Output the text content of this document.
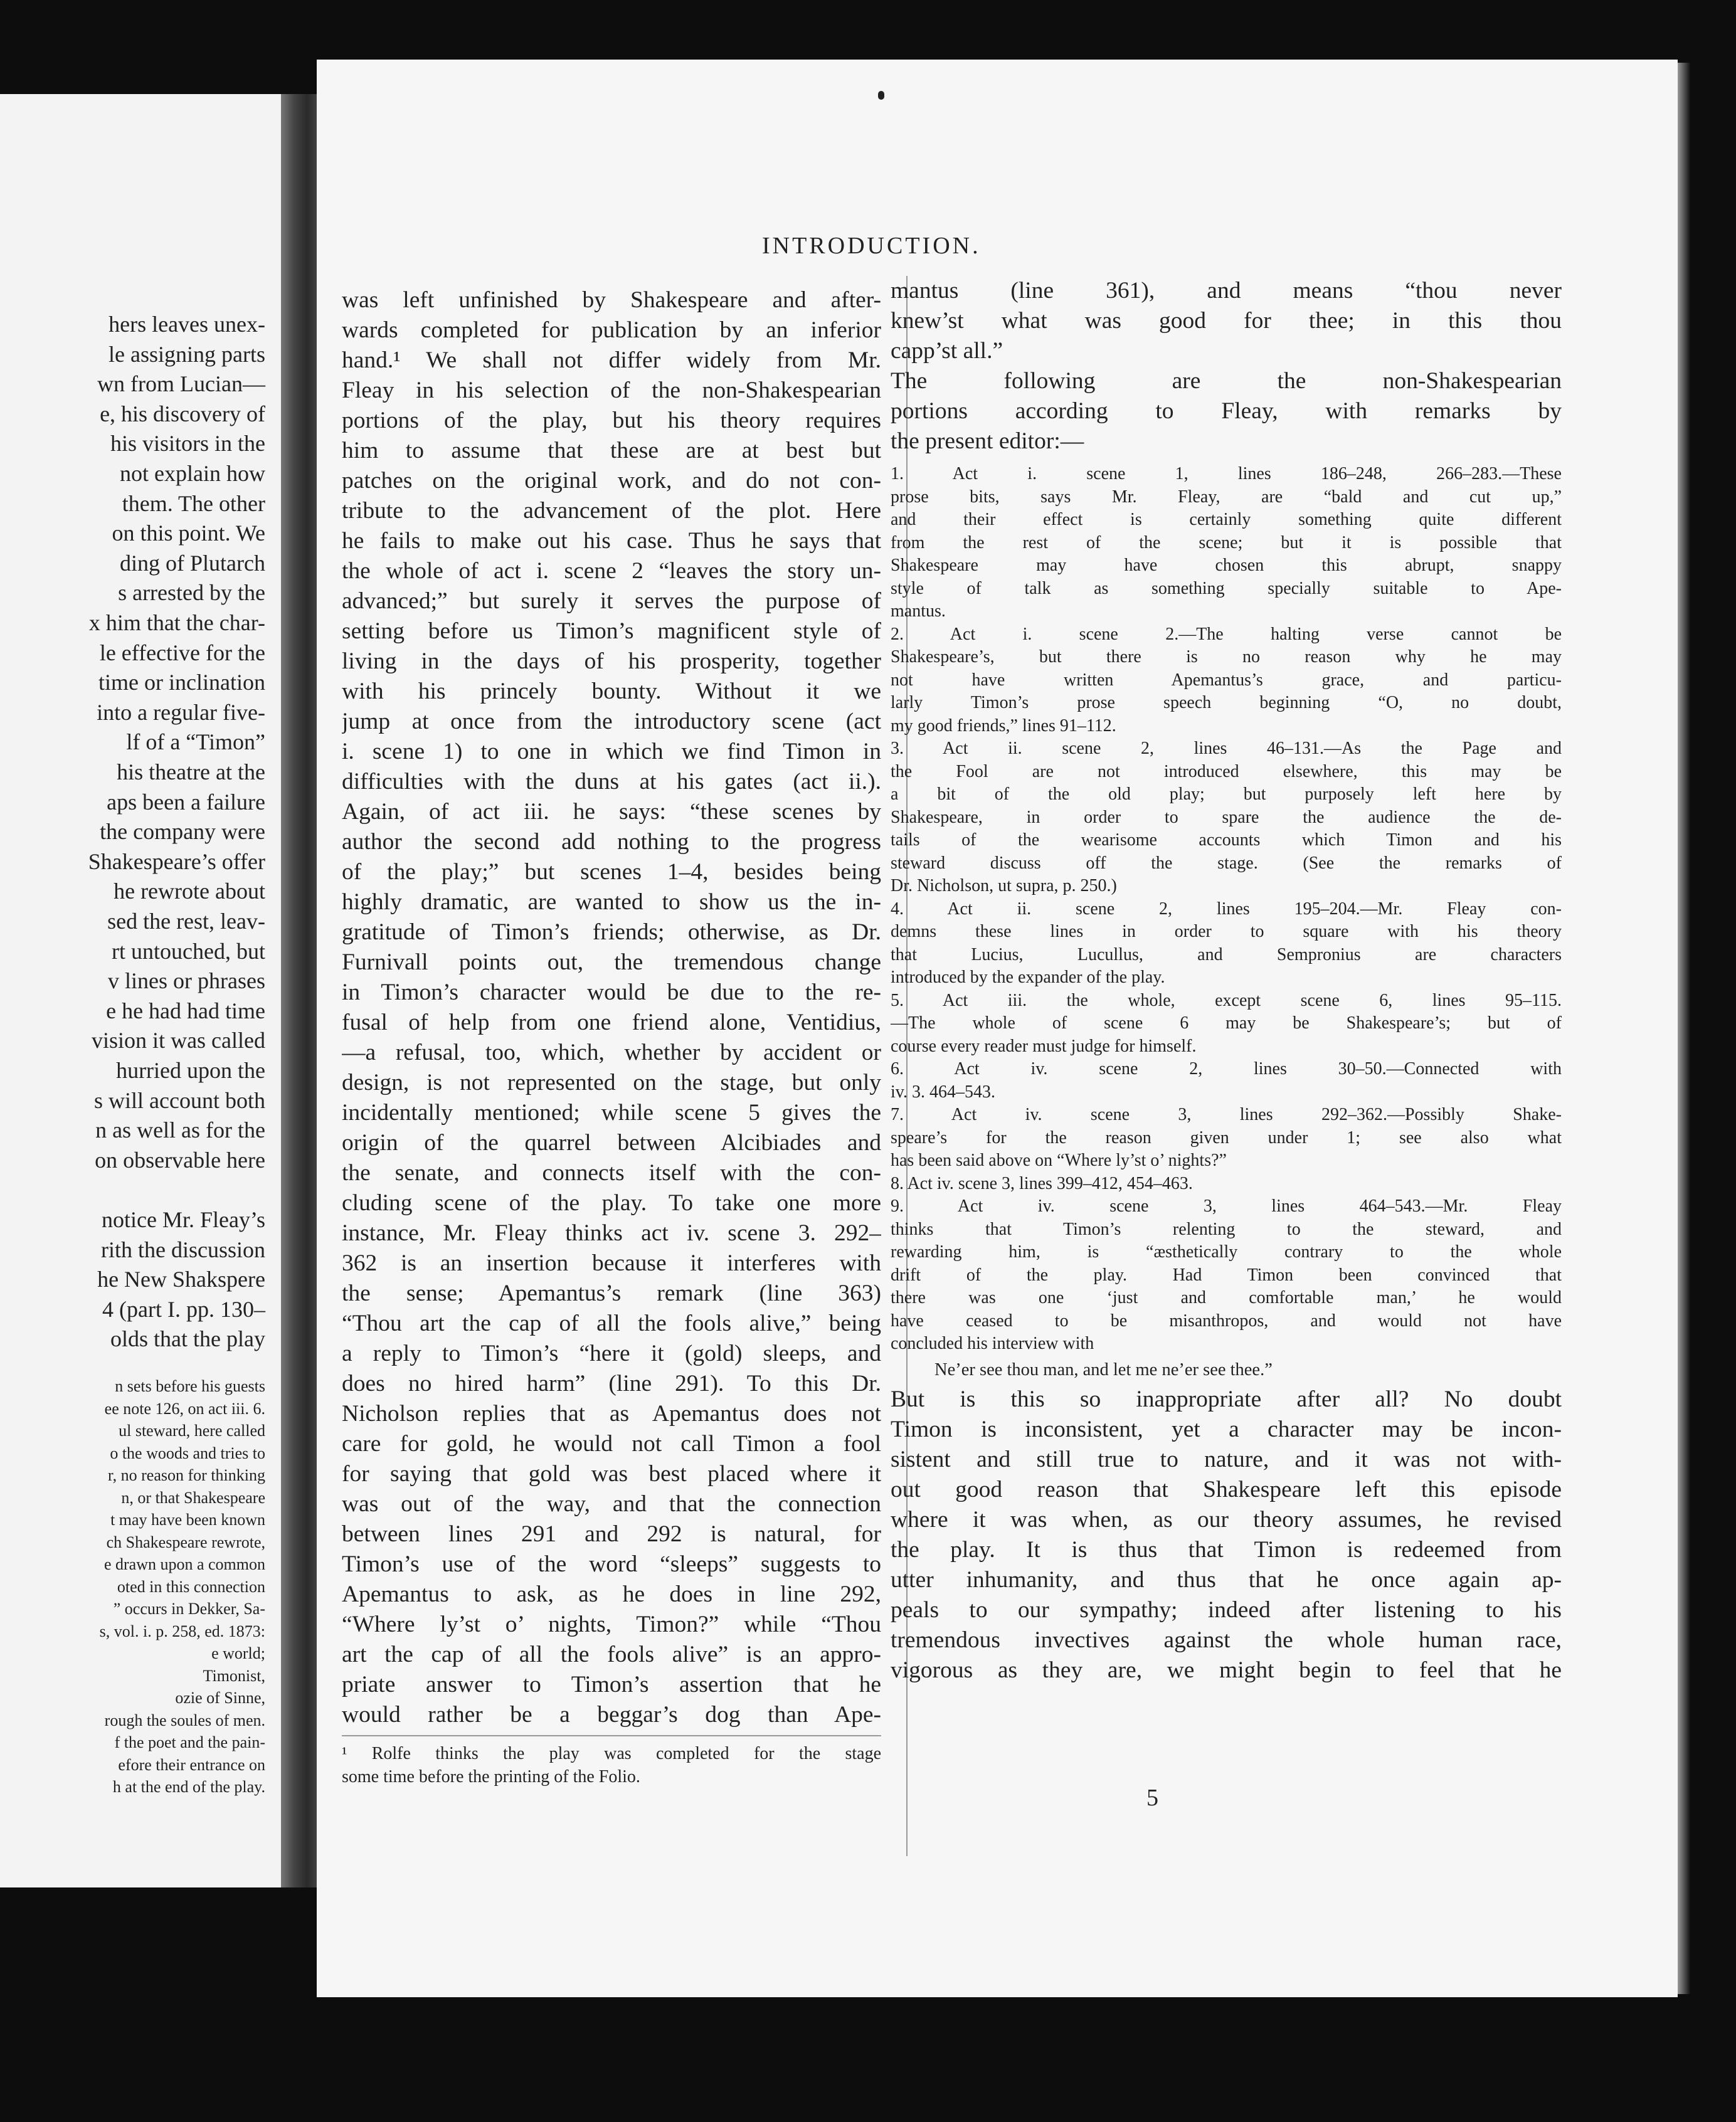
hers leaves unex-
le assigning parts
wn from Lucian—
e, his discovery of
his visitors in the
not explain how
them. The other
on this point. We
ding of Plutarch
s arrested by the
x him that the char-
le effective for the
time or inclination
into a regular five-
lf of a “Timon”
his theatre at the
aps been a failure
the company were
Shakespeare’s offer
he rewrote about
sed the rest, leav-
rt untouched, but
v lines or phrases
e he had had time
vision it was called
hurried upon the
s will account both
n as well as for the
on observable here
notice Mr. Fleay’s
rith the discussion
he New Shakspere
4 (part I. pp. 130–
olds that the play
n sets before his guests
ee note 126, on act iii. 6.
ul steward, here called
o the woods and tries to
r, no reason for thinking
n, or that Shakespeare
t may have been known
ch Shakespeare rewrote,
e drawn upon a common
oted in this connection
” occurs in Dekker, Sa-
s, vol. i. p. 258, ed. 1873:
e world;
Timonist,
ozie of Sinne,
rough the soules of men.
f the poet and the pain-
efore their entrance on
h at the end of the play.
INTRODUCTION.
was left unfinished by Shakespeare and after-
wards completed for publication by an inferior
hand.¹ We shall not differ widely from Mr.
Fleay in his selection of the non-Shakespearian
portions of the play, but his theory requires
him to assume that these are at best but
patches on the or⁣iginal work, and do not con-
tribute to the advancement of the plot. Here
he fails to make out his case. Thus he says that
the whole of act i. scene 2 “leaves the story un-
advanced;” but surely it serves the purpose of
setting before us Timon’s magnificent style of
living in the days of his prosperity, together
with his princely bounty. Without it we
jump at once from the introductory scene (act
i. scene 1) to one in which we find Timon in
difficulties with the duns at his gates (act ii.).
Again, of act iii. he says: “these scenes by
author the second add nothing to the progress
of the play;” but scenes 1–4, besides being
highly dramatic, are wanted to show us the in-
gratitude of Timon’s friends; otherwise, as Dr.
Furnivall points out, the tremendous change
in Timon’s character would be due to the re-
fusal of help from one friend alone, Ventidius,
—a refusal, too, which, whether by accident or
design, is not represented on the stage, but only
incidentally mentioned; while scene 5 gives the
origin of the quarrel between Alcibiades and
the senate, and connects itself with the con-
cluding scene of the play. To take one more
instance, Mr. Fleay thinks act iv. scene 3. 292–
362 is an insertion because it interferes with
the sense; Apemantus’s remark (line 363)
“Thou art the cap of all the fools alive,” being
a reply to Timon’s “here it (gold) sleeps, and
does no hired harm” (line 291). To this Dr.
Nicholson replies that as Apemantus does not
care for gold, he would not call Timon a fool
for saying that gold was best placed where it
was out of the way, and that the connection
between lines 291 and 292 is natural, for
Timon’s use of the word “sleeps” suggests to
Apemantus to ask, as he does in line 292,
“Where ly’st o’ nights, Timon?” while “Thou
art the cap of all the fools alive” is an appro-
priate answer to Timon’s assertion that he
would rather be a beggar’s dog than Ape-
¹ Rolfe thinks the play was completed for the stage
some time before the printing of the Folio.
mantus (line 361), and means “thou never
knew’st what was good for thee; in this thou
capp’st all.”
The following are the non-Shakespearian
portions according to Fleay, with remarks by
the present editor:—
1. Act i. scene 1, lines 186–248, 266–283.—These
prose bits, says Mr. Fleay, are “bald and cut up,”
and their effect is certainly something quite different
from the rest of the scene; but it is possible that
Shakespeare may have chosen this abrupt, snappy
style of talk as something specially suitable to Ape-
mantus.
2. Act i. scene 2.—The halting verse cannot be
Shakespeare’s, but there is no reason why he may
not have written Apemantus’s grace, and particu-
larly Timon’s prose speech beginning “O, no doubt,
my good friends,” lines 91–112.
3. Act ii. scene 2, lines 46–131.—As the Page and
the Fool are not introduced elsewhere, this may be
a bit of the old play; but purposely left here by
Shakespeare, in order to spare the audience the de-
tails of the wearisome accounts which Timon and his
steward discuss off the stage. (See the remarks of
Dr. Nicholson, ut supra, p. 250.)
4. Act ii. scene 2, lines 195–204.—Mr. Fleay con-
demns these lines in order to square with his theory
that Lucius, Lucullus, and Sempronius are characters
introduced by the expander of the play.
5. Act iii. the whole, except scene 6, lines 95–115.
—The whole of scene 6 may be Shakespeare’s; but of
course every reader must judge for himself.
6. Act iv. scene 2, lines 30–50.—Connected with
iv. 3. 464–543.
7. Act iv. scene 3, lines 292–362.—Possibly Shake-
speare’s for the reason given under 1; see also what
has been said above on “Where ly’st o’ nights?”
8. Act iv. scene 3, lines 399–412, 454–463.
9. Act iv. scene 3, lines 464–543.—Mr. Fleay
thinks that Timon’s relenting to the steward, and
rewarding him, is “æsthetically contrary to the whole
drift of the play. Had Timon been convinced that
there was one ‘just and comfortable man,’ he would
have ceased to be misanthropos, and would not have
concluded his interview with
Ne’er see thou man, and let me ne’er see thee.”
But is this so inappropriate after all? No doubt
Timon is inconsistent, yet a character may be incon-
sistent and still true to nature, and it was not with-
out good reason that Shakespeare left this episode
where it was when, as our theory assumes, he revised
the play. It is thus that Timon is redeemed from
utter inhumanity, and thus that he once again ap-
peals to our sympathy; indeed after listening to his
tremendous invectives against the whole human race,
vigorous as they are, we might begin to feel that he
5
